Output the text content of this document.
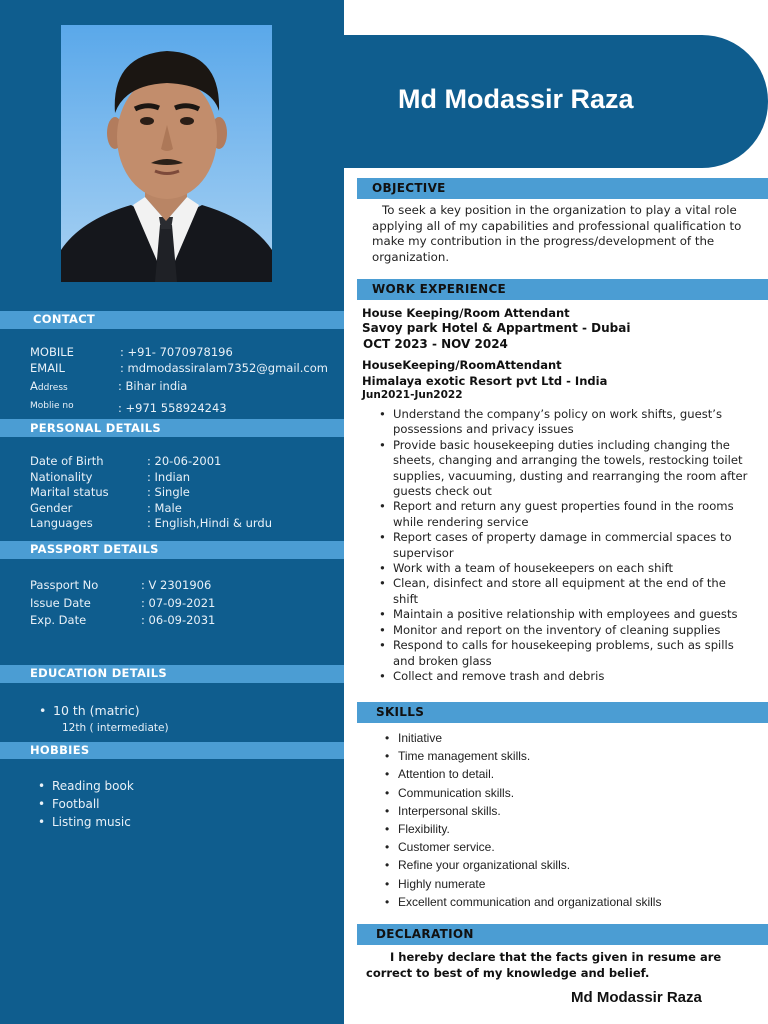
CONTACT
MOBILE	: +91- 7070978196
EMAIL	: mdmodassiralam7352@gmail.com
Address	: Bihar india
Moblie no	: +971 558924243
PERSONAL DETAILS
Date of Birth	: 20-06-2001
Nationality	: Indian
Marital status	: Single
Gender	: Male
Languages	: English,Hindi & urdu
PASSPORT DETAILS
Passport No	: V 2301906
Issue Date	: 07-09-2021
Exp. Date	: 06-09-2031
EDUCATION DETAILS
• 10 th (matric)
12th ( intermediate)
HOBBIES
• Reading book
• Football
• Listing music
Md Modassir Raza
OBJECTIVE
To seek a key position in the organization to play a vital role applying all of my capabilities and professional qualification to make my contribution in the progress/development of the organization.
WORK EXPERIENCE
House Keeping/Room Attendant
Savoy park Hotel & Appartment - Dubai
OCT 2023 - NOV 2024
HouseKeeping/RoomAttendant
Himalaya exotic Resort pvt Ltd - India
Jun2021-Jun2022
• Understand the company’s policy on work shifts, guest’s possessions and privacy issues
• Provide basic housekeeping duties including changing the sheets, changing and arranging the towels, restocking toilet supplies, vacuuming, dusting and rearranging the room after guests check out
• Report and return any guest properties found in the rooms while rendering service
• Report cases of property damage in commercial spaces to supervisor
• Work with a team of housekeepers on each shift
• Clean, disinfect and store all equipment at the end of the shift
• Maintain a positive relationship with employees and guests
• Monitor and report on the inventory of cleaning supplies
• Respond to calls for housekeeping problems, such as spills and broken glass
• Collect and remove trash and debris
SKILLS
• Initiative
• Time management skills.
• Attention to detail.
• Communication skills.
• Interpersonal skills.
• Flexibility.
• Customer service.
• Refine your organizational skills.
• Highly numerate
• Excellent communication and organizational skills
DECLARATION
I hereby declare that the facts given in resume are correct to best of my knowledge and belief.
Md Modassir Raza
